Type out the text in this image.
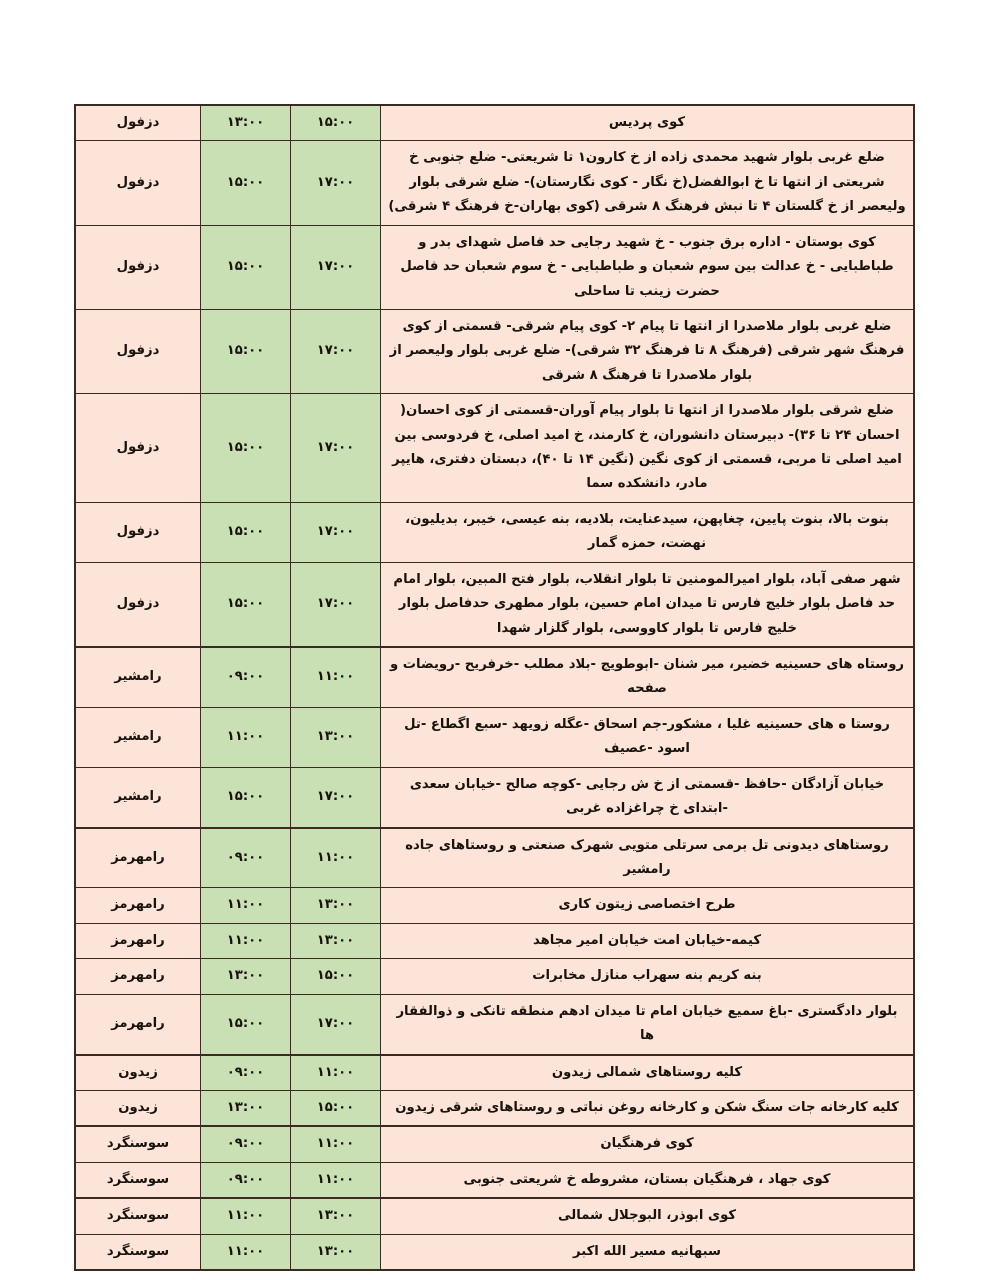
کوی پردیس	۱۵:۰۰	۱۳:۰۰	دزفول
ضلع غربی بلوار شهید محمدی زاده از خ کارون۱ تا شریعتی- ضلع جنوبی خ شریعتی از انتها تا خ ابوالفضل(خ نگار - کوی نگارستان)- ضلع شرقی بلوار ولیعصر از خ گلستان ۴ تا نبش فرهنگ ۸ شرقی (کوی بهاران-خ فرهنگ ۴ شرقی)	۱۷:۰۰	۱۵:۰۰	دزفول
کوی بوستان - اداره برق جنوب - خ شهید رجایی حد فاصل شهدای بدر و طباطبایی - خ عدالت بین سوم شعبان و طباطبایی - خ سوم شعبان حد فاصل حضرت زینب تا ساحلی	۱۷:۰۰	۱۵:۰۰	دزفول
ضلع غربی بلوار ملاصدرا از انتها تا پیام ۲- کوی پیام شرقی- قسمتی از کوی فرهنگ شهر شرقی (فرهنگ ۸ تا فرهنگ ۳۲ شرقی)- ضلع غربی بلوار ولیعصر از بلوار ملاصدرا تا فرهنگ ۸ شرقی	۱۷:۰۰	۱۵:۰۰	دزفول
ضلع شرقی بلوار ملاصدرا از انتها تا بلوار پیام آوران-قسمتی از کوی احسان( احسان ۲۴ تا ۳۶)- دبیرستان دانشوران، خ کارمند، خ امید اصلی، خ فردوسی بین امید اصلی تا مربی، قسمتی از کوی نگین (نگین ۱۴ تا ۴۰)، دبستان دفتری، هایپر مادر، دانشکده سما	۱۷:۰۰	۱۵:۰۰	دزفول
بنوت بالا، بنوت پایین، چغاپهن، سیدعنایت، بلادیه، بنه عیسی، خیبر، بدیلیون، نهضت، حمزه گمار	۱۷:۰۰	۱۵:۰۰	دزفول
شهر صفی آباد، بلوار امیرالمومنین تا بلوار انقلاب، بلوار فتح المبین، بلوار امام حد فاصل بلوار خلیج فارس تا میدان امام حسین، بلوار مطهری حدفاصل بلوار خلیج فارس تا بلوار کاووسی، بلوار گلزار شهدا	۱۷:۰۰	۱۵:۰۰	دزفول
روستاه های حسینیه خضیر، میر شنان -ابوطویج -بلاد مطلب -خرفریح -رویضات و صفحه	۱۱:۰۰	۰۹:۰۰	رامشیر
روستا ه های حسینیه غلیا ، مشکور-جم اسحاق -عگله زویهد -سبع اگطاع -تل اسود -عصیف	۱۳:۰۰	۱۱:۰۰	رامشیر
خیابان آزادگان -حافظ -قسمتی از خ ش رجایی -کوچه صالح -خیابان سعدی -ابتدای خ چراغزاده غربی	۱۷:۰۰	۱۵:۰۰	رامشیر
روستاهای دیدونی تل برمی سرتلی متویی شهرک صنعتی و روستاهای جاده رامشیر	۱۱:۰۰	۰۹:۰۰	رامهرمز
طرح اختصاصی زیتون کاری	۱۳:۰۰	۱۱:۰۰	رامهرمز
کیمه-خیابان امت خیابان امیر مجاهد	۱۳:۰۰	۱۱:۰۰	رامهرمز
بنه کریم بنه سهراب منازل مخابرات	۱۵:۰۰	۱۳:۰۰	رامهرمز
بلوار دادگستری -باغ سمیع خیابان امام تا میدان ادهم منطقه تانکی و ذوالفقار ها	۱۷:۰۰	۱۵:۰۰	رامهرمز
کلیه روستاهای شمالی زیدون	۱۱:۰۰	۰۹:۰۰	زیدون
کلیه کارخانه جات سنگ شکن و کارخانه روغن نباتی و روستاهای شرقی زیدون	۱۵:۰۰	۱۳:۰۰	زیدون
کوی فرهنگیان	۱۱:۰۰	۰۹:۰۰	سوسنگرد
کوی جهاد ، فرهنگیان بستان، مشروطه خ شریعتی جنوبی	۱۱:۰۰	۰۹:۰۰	سوسنگرد
کوی ابوذر، البوجلال شمالی	۱۳:۰۰	۱۱:۰۰	سوسنگرد
سبهانیه مسیر الله اکبر	۱۳:۰۰	۱۱:۰۰	سوسنگرد
